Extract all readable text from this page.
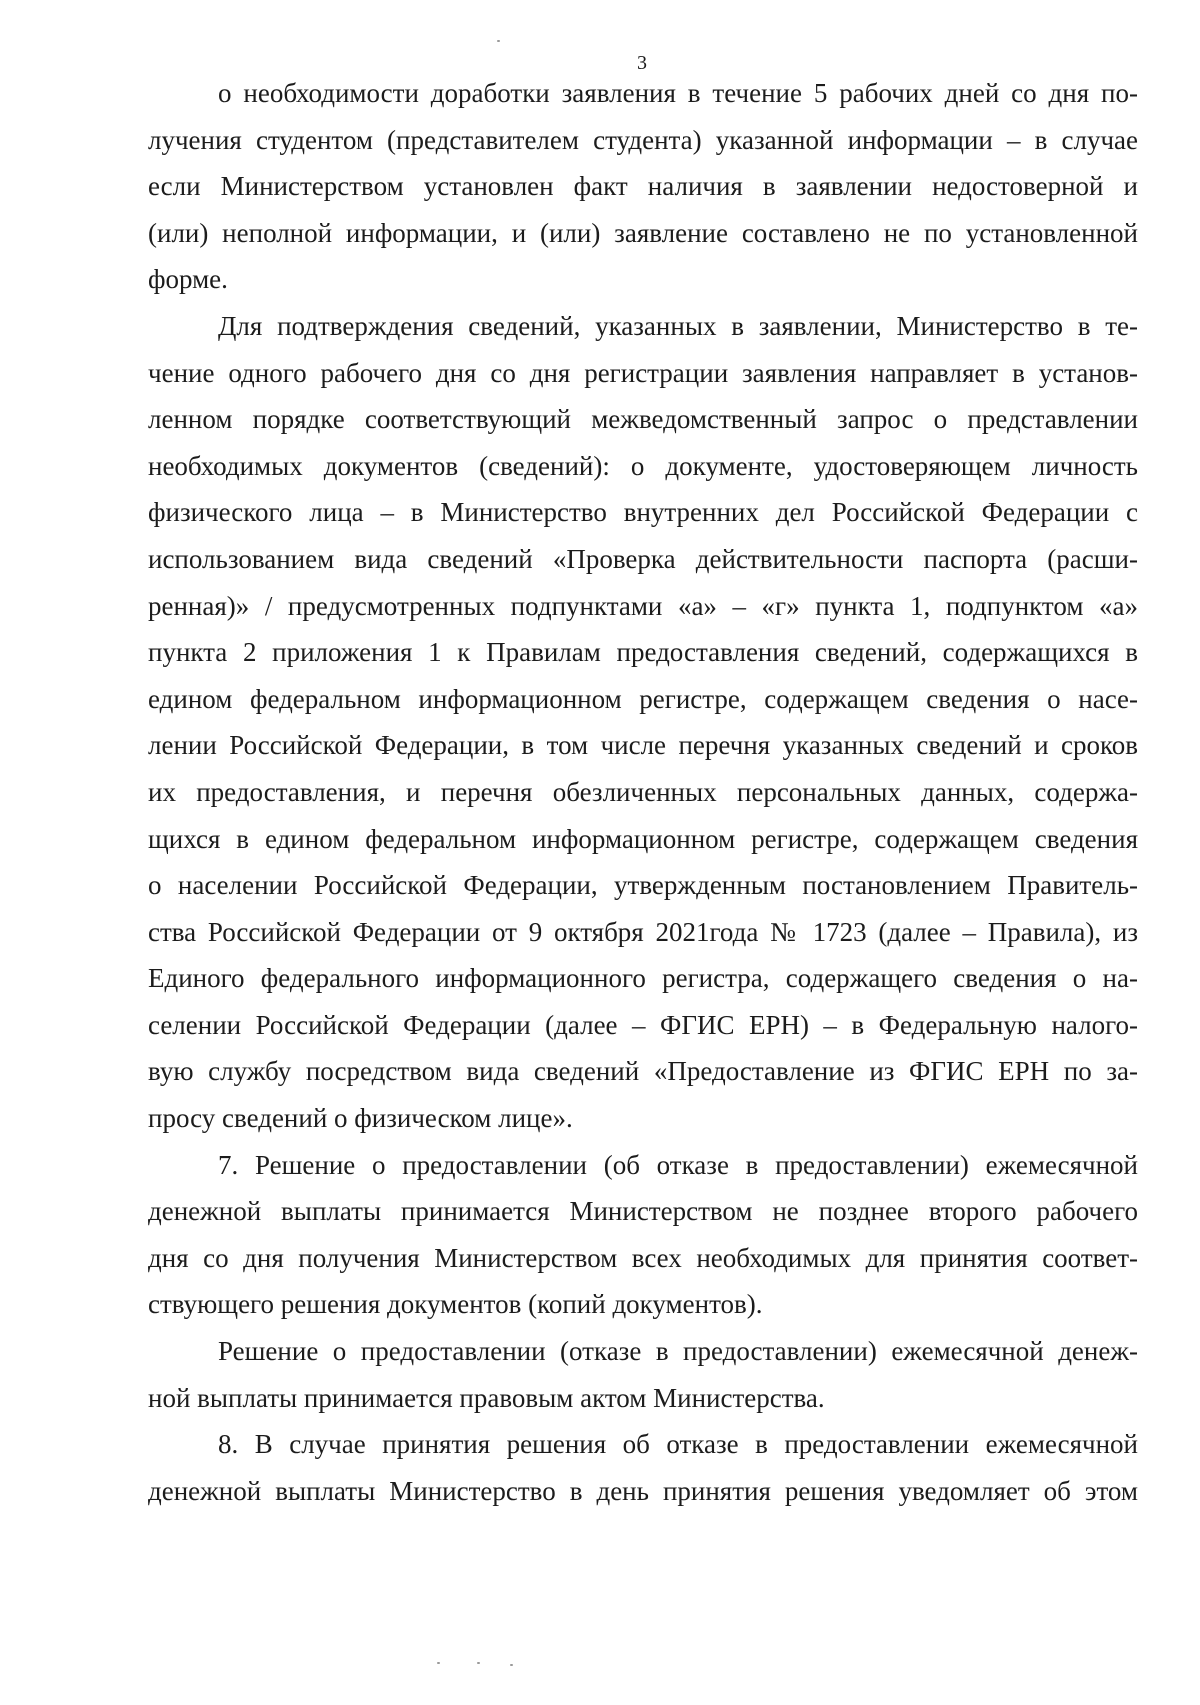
3
о необходимости доработки заявления в течение 5 рабочих дней со дня по-
лучения студентом (представителем студента) указанной информации – в случае
если Министерством установлен факт наличия в заявлении недостоверной и
(или) неполной информации, и (или) заявление составлено не по установленной
форме.
Для подтверждения сведений, указанных в заявлении, Министерство в те-
чение одного рабочего дня со дня регистрации заявления направляет в установ-
ленном порядке соответствующий межведомственный запрос о представлении
необходимых документов (сведений): о документе, удостоверяющем личность
физического лица – в Министерство внутренних дел Российской Федерации с
использованием вида сведений «Проверка действительности паспорта (расши-
ренная)» / предусмотренных подпунктами «а» – «г» пункта 1, подпунктом «а»
пункта 2 приложения 1 к Правилам предоставления сведений, содержащихся в
едином федеральном информационном регистре, содержащем сведения о насе-
лении Российской Федерации, в том числе перечня указанных сведений и сроков
их предоставления, и перечня обезличенных персональных данных, содержа-
щихся в едином федеральном информационном регистре, содержащем сведения
о населении Российской Федерации, утвержденным постановлением Правитель-
ства Российской Федерации от 9 октября 2021года № 1723 (далее – Правила), из
Единого федерального информационного регистра, содержащего сведения о на-
селении Российской Федерации (далее – ФГИС ЕРН) – в Федеральную налого-
вую службу посредством вида сведений «Предоставление из ФГИС ЕРН по за-
просу сведений о физическом лице».
7. Решение о предоставлении (об отказе в предоставлении) ежемесячной
денежной выплаты принимается Министерством не позднее второго рабочего
дня со дня получения Министерством всех необходимых для принятия соответ-
ствующего решения документов (копий документов).
Решение о предоставлении (отказе в предоставлении) ежемесячной денеж-
ной выплаты принимается правовым актом Министерства.
8. В случае принятия решения об отказе в предоставлении ежемесячной
денежной выплаты Министерство в день принятия решения уведомляет об этом
